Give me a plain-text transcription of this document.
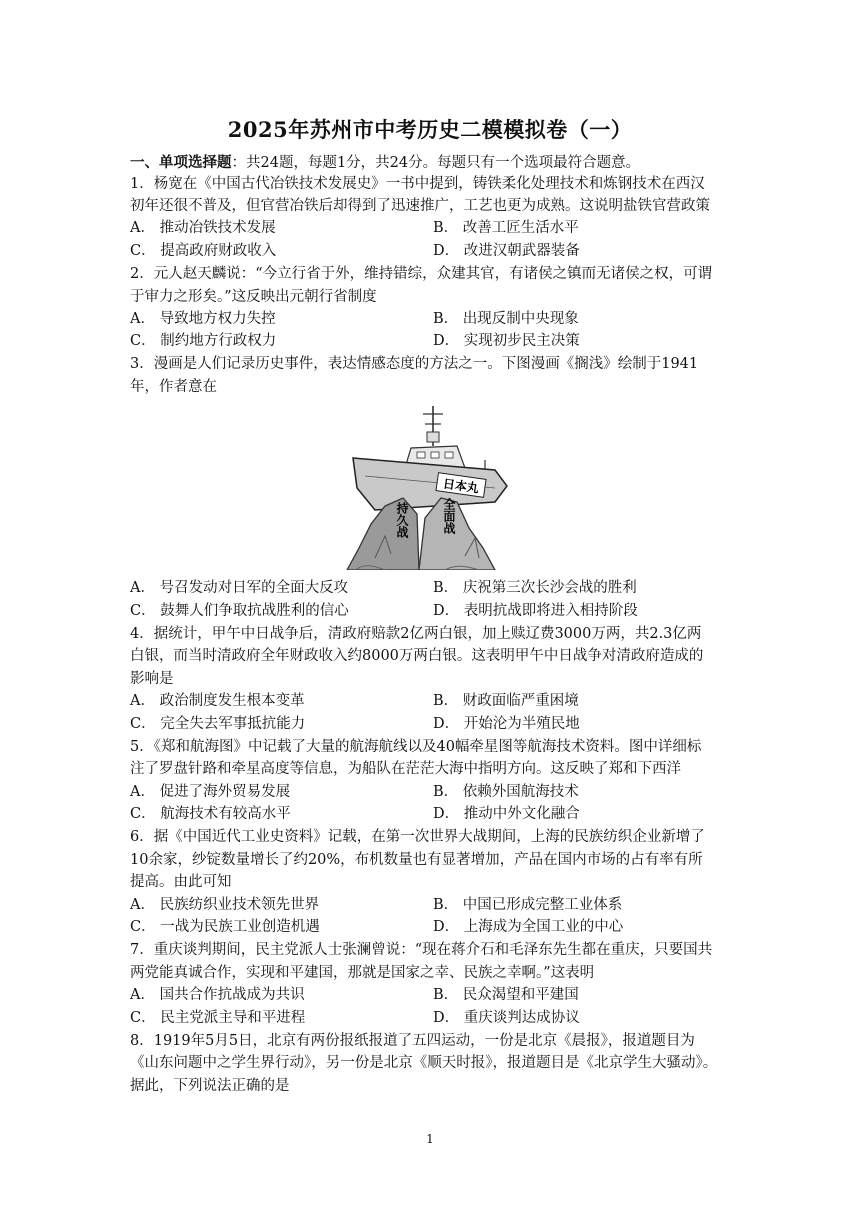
2025年苏州市中考历史二模模拟卷（一）
一、单项选择题：共24题，每题1分，共24分。每题只有一个选项最符合题意。
1．杨宽在《中国古代冶铁技术发展史》一书中提到，铸铁柔化处理技术和炼钢技术在西汉
初年还很不普及，但官营冶铁后却得到了迅速推广，工艺也更为成熟。这说明盐铁官营政策
A． 推动冶铁技术发展	B． 改善工匠生活水平
C． 提高政府财政收入	D． 改进汉朝武器装备
2．元人赵天麟说：“今立行省于外，维持错综，众建其官，有诸侯之镇而无诸侯之权，可谓
于审力之形矣。”这反映出元朝行省制度
A． 导致地方权力失控	B． 出现反制中央现象
C． 制约地方行政权力	D． 实现初步民主决策
3．漫画是人们记录历史事件，表达情感态度的方法之一。下图漫画《搁浅》绘制于1941
年，作者意在
日本丸
持久战	全面战
A． 号召发动对日军的全面大反攻	B． 庆祝第三次长沙会战的胜利
C． 鼓舞人们争取抗战胜利的信心	D． 表明抗战即将进入相持阶段
4．据统计，甲午中日战争后，清政府赔款2亿两白银，加上赎辽费3000万两，共2.3亿两
白银，而当时清政府全年财政收入约8000万两白银。这表明甲午中日战争对清政府造成的
影响是
A． 政治制度发生根本变革	B． 财政面临严重困境
C． 完全失去军事抵抗能力	D． 开始沦为半殖民地
5．《郑和航海图》中记载了大量的航海航线以及40幅牵星图等航海技术资料。图中详细标
注了罗盘针路和牵星高度等信息，为船队在茫茫大海中指明方向。这反映了郑和下西洋
A． 促进了海外贸易发展	B． 依赖外国航海技术
C． 航海技术有较高水平	D． 推动中外文化融合
6．据《中国近代工业史资料》记载，在第一次世界大战期间，上海的民族纺织企业新增了
10余家，纱锭数量增长了约20%，布机数量也有显著增加，产品在国内市场的占有率有所
提高。由此可知
A． 民族纺织业技术领先世界	B． 中国已形成完整工业体系
C． 一战为民族工业创造机遇	D． 上海成为全国工业的中心
7．重庆谈判期间，民主党派人士张澜曾说：“现在蒋介石和毛泽东先生都在重庆，只要国共
两党能真诚合作，实现和平建国，那就是国家之幸、民族之幸啊。”这表明
A． 国共合作抗战成为共识	B． 民众渴望和平建国
C． 民主党派主导和平进程	D． 重庆谈判达成协议
8．1919年5月5日，北京有两份报纸报道了五四运动，一份是北京《晨报》，报道题目为
《山东问题中之学生界行动》，另一份是北京《顺天时报》，报道题目是《北京学生大骚动》。
据此，下列说法正确的是
1
